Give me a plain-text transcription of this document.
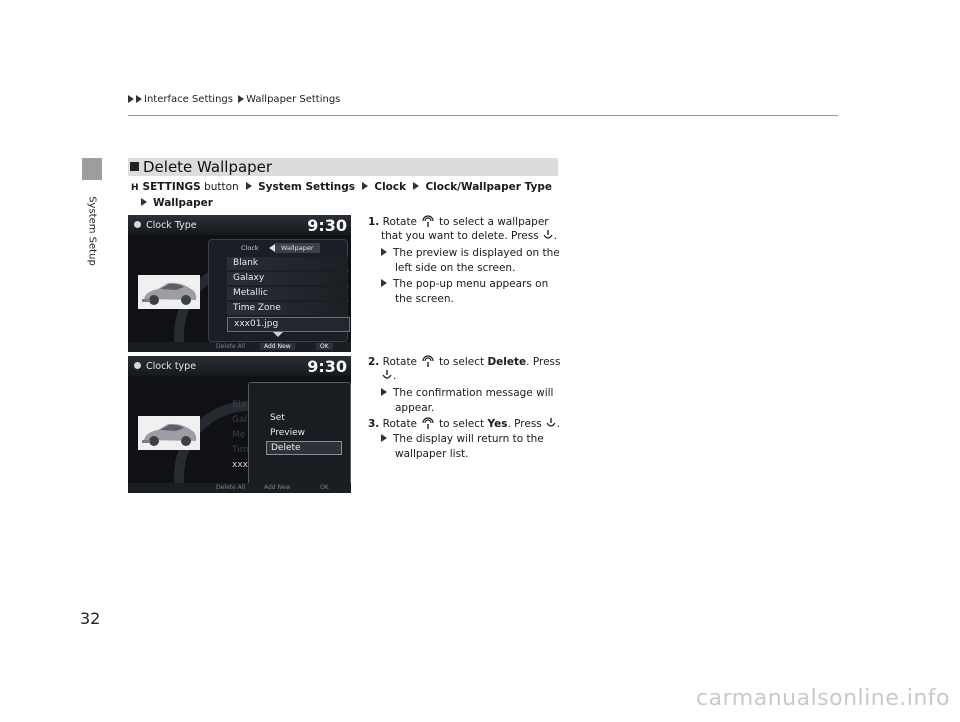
Interface Settings Wallpaper Settings
System Setup
32
Delete Wallpaper
H SETTINGS button System Settings Clock Clock/Wallpaper Type
Wallpaper
Clock Type	9:30
Clock	Wallpaper
Blank
Galaxy
Metallic
Time Zone
xxx01.jpg
Delete All	Add New	OK
Clock type	9:30
Bla
Gal
Me
Tim
xxx
Set
Preview
Delete
Delete All	Add New	OK
1. Rotate to select a wallpaper
that you want to delete. Press .
The preview is displayed on the
left side on the screen.
The pop-up menu appears on
the screen.
2. Rotate to select Delete. Press
.
The confirmation message will
appear.
3. Rotate to select Yes. Press .
The display will return to the
wallpaper list.
carmanualsonline.info
